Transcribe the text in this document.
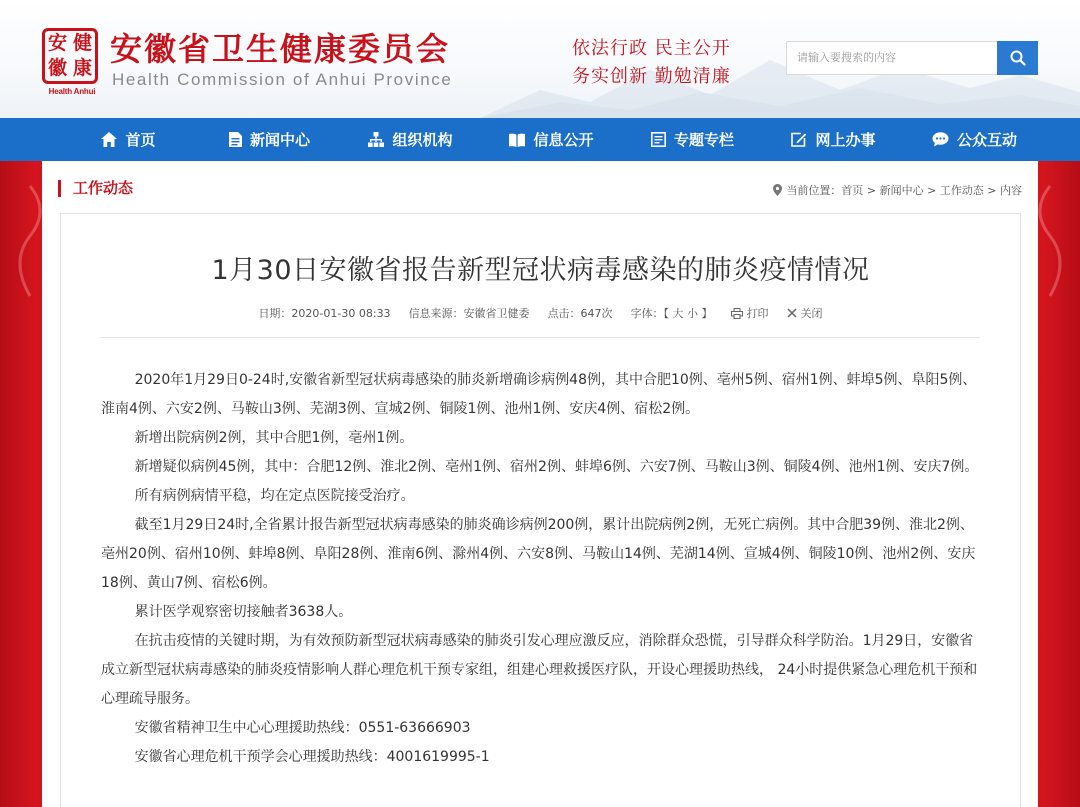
安 健
徽 康
Health Anhui
安徽省卫生健康委员会
Health Commission of Anhui Province
依法行政 民主公开
务实创新 勤勉清廉
请输入要搜索的内容
首页	新闻中心	组织机构	信息公开	专题专栏	网上办事	公众互动
工作动态	当前位置：首页 > 新闻中心 > 工作动态 > 内容
1月30日安徽省报告新型冠状病毒感染的肺炎疫情情况
日期：2020-01-30 08:33 信息来源：安徽省卫健委 点击：647次 字体：【 大 小 】	打印	关闭

2020年1月29日0-24时,安徽省新型冠状病毒感染的肺炎新增确诊病例48例，其中合肥10例、亳州5例、宿州1例、蚌埠5例、阜阳5例、淮南4例、六安2例、马鞍山3例、芜湖3例、宣城2例、铜陵1例、池州1例、安庆4例、宿松2例。

新增出院病例2例，其中合肥1例，亳州1例。

新增疑似病例45例，其中：合肥12例、淮北2例、亳州1例、宿州2例、蚌埠6例、六安7例、马鞍山3例、铜陵4例、池州1例、安庆7例。

所有病例病情平稳，均在定点医院接受治疗。

截至1月29日24时,全省累计报告新型冠状病毒感染的肺炎确诊病例200例，累计出院病例2例，无死亡病例。其中合肥39例、淮北2例、亳州20例、宿州10例、蚌埠8例、阜阳28例、淮南6例、滁州4例、六安8例、马鞍山14例、芜湖14例、宣城4例、铜陵10例、池州2例、安庆18例、黄山7例、宿松6例。

累计医学观察密切接触者3638人。

在抗击疫情的关键时期，为有效预防新型冠状病毒感染的肺炎引发心理应激反应，消除群众恐慌，引导群众科学防治。1月29日，安徽省成立新型冠状病毒感染的肺炎疫情影响人群心理危机干预专家组，组建心理救援医疗队，开设心理援助热线， 24小时提供紧急心理危机干预和心理疏导服务。

安徽省精神卫生中心心理援助热线：0551-63666903

安徽省心理危机干预学会心理援助热线：4001619995-1
